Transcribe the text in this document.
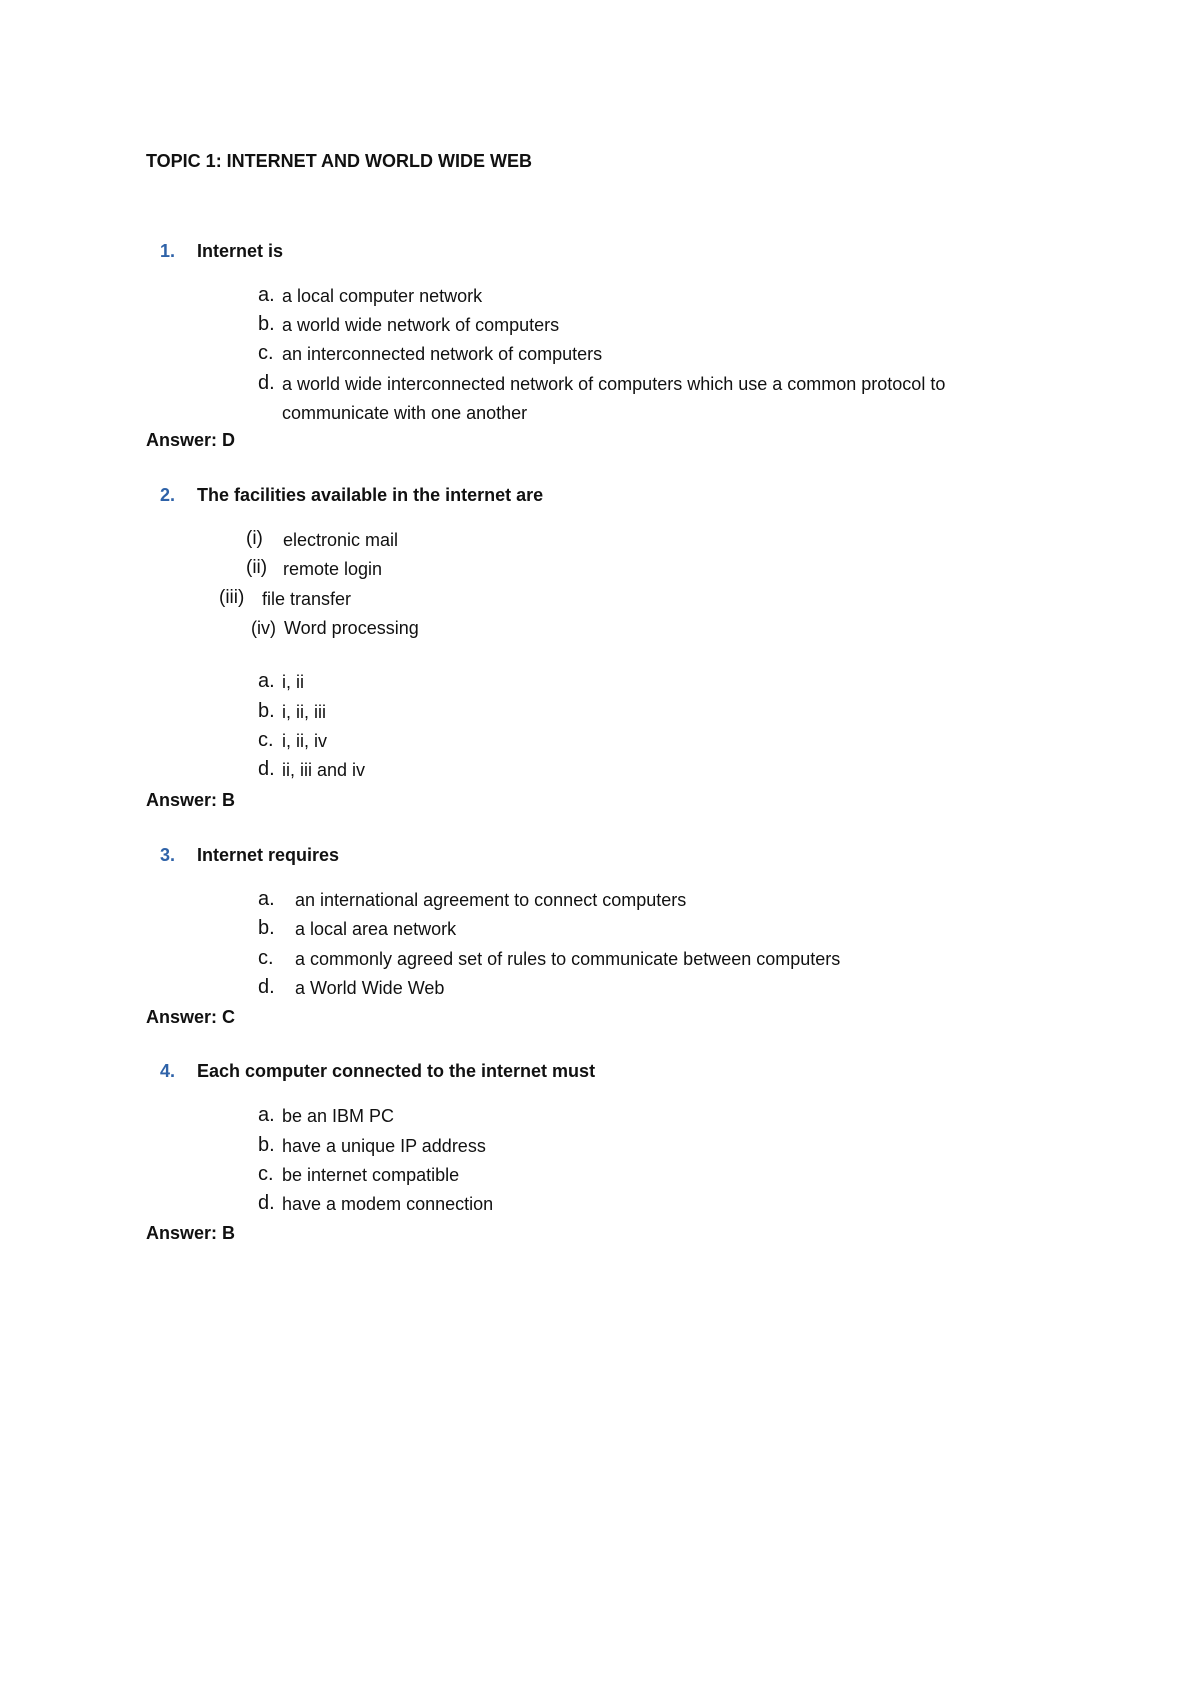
TOPIC 1: INTERNET AND WORLD WIDE WEB
1. Internet is
a. a local computer network
b. a world wide network of computers
c. an interconnected network of computers
d. a world wide interconnected network of computers which use a common protocol to
communicate with one another
Answer: D
2. The facilities available in the internet are
(i) electronic mail
(ii) remote login
(iii) file transfer
(iv) Word processing
a. i, ii
b. i, ii, iii
c. i, ii, iv
d. ii, iii and iv
Answer: B
3. Internet requires
a. an international agreement to connect computers
b. a local area network
c. a commonly agreed set of rules to communicate between computers
d. a World Wide Web
Answer: C
4. Each computer connected to the internet must
a. be an IBM PC
b. have a unique IP address
c. be internet compatible
d. have a modem connection
Answer: B
